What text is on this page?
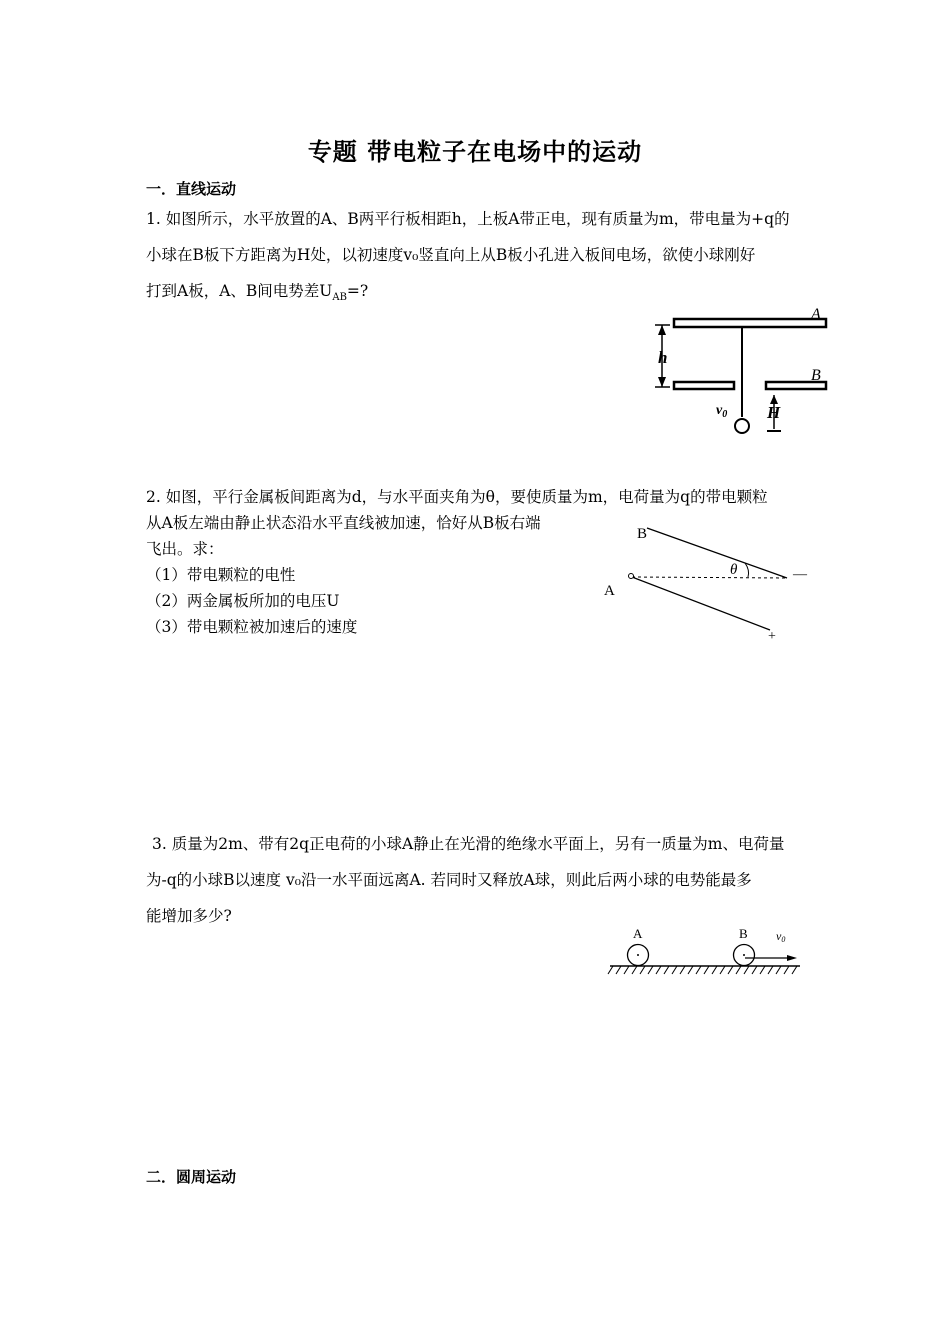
专题 带电粒子在电场中的运动
一．直线运动
1. 如图所示，水平放置的A、B两平行板相距h，上板A带正电，现有质量为m，带电量为+q的
小球在B板下方距离为H处，以初速度v₀竖直向上从B板小孔进入板间电场，欲使小球刚好
打到A板，A、B间电势差$U_{AB}=$?
h
H
A
B
$v_0$
2. 如图，平行金属板间距离为d，与水平面夹角为θ，要使质量为m，电荷量为q的带电颗粒
从A板左端由静止状态沿水平直线被加速，恰好从B板右端
飞出。求：
（1）带电颗粒的电性
（2）两金属板所加的电压U
（3）带电颗粒被加速后的速度
B
A
θ	—
+
3. 质量为2m、带有2q正电荷的小球A静止在光滑的绝缘水平面上，另有一质量为m、电荷量
为-q的小球B以速度 v₀沿一水平面远离A. 若同时又释放A球，则此后两小球的电势能最多
能增加多少?
A	B v0
二．圆周运动
